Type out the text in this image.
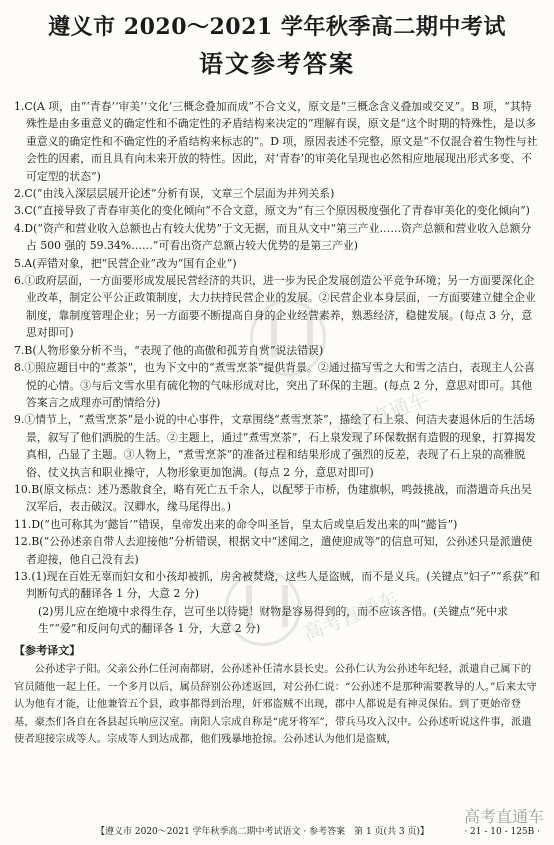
遵义市 2020～2021 学年秋季高二期中考试
语文参考答案
高考直通车
高考直通车

1.C(A 项，由“‘青春’‘审美’‘文化’三概念叠加而成”不合文义，原文是“三概念含义叠加或交叉”。B 项，“其特殊性是由多重意义的确定性和不确定性的矛盾结构来决定的”理解有误，原文是“这个时期的特殊性，是以多重意义的确定性和不确定性的矛盾结构来标志的”。D 项，原因表述不完整，原文是“不仅混合着生物性与社会性的因素，而且具有向未来开放的特性。因此，对‘青春’的审美化呈现也必然相应地展现出形式多变、不可定型的状态”)

2.C(“由浅入深层层展开论述”分析有误，文章三个层面为并列关系)

3.C(“直接导致了青春审美化的变化倾向”不合文意，原文为“有三个原因极度强化了青春审美化的变化倾向”)

4.D(“资产和营业收入总额也占有较大优势”于文无据，而且从文中“第三产业……资产总额和营业收入总额分占 500 强的 59.34%……”可看出资产总额占较大优势的是第三产业)

5.A(弄错对象，把“民营企业”改为“国有企业”)

6.①政府层面，一方面要形成发展民营经济的共识，进一步为民企发展创造公平竞争环境；另一方面要深化企业改革，制定公平公正政策制度，大力扶持民营企业的发展。②民营企业本身层面，一方面要建立健全企业制度，靠制度管理企业；另一方面要不断提高自身的企业经营素养，熟悉经济，稳健发展。(每点 3 分，意思对即可)

7.B(人物形象分析不当，“表现了他的高傲和孤芳自赏”说法错误)

8.①照应题目中的“煮茶”，也为下文中的“煮雪烹茶”提供背景。②通过描写雪之大和雪之洁白，表现主人公喜悦的心情。③与后文雪水里有硫化物的气味形成对比，突出了环保的主题。(每点 2 分，意思对即可。其他答案言之成理亦可酌情给分)

9.①情节上，“煮雪烹茶”是小说的中心事件，文章围绕“煮雪烹茶”，描绘了石上泉、何洁夫妻退休后的生活场景，叙写了他们洒脱的生活。②主题上，通过“煮雪烹茶”，石上泉发现了环保数据有造假的现象，打算揭发真相，凸显了主题。③人物上，“煮雪烹茶”的准备过程和结果形成了强烈的反差，表现了石上泉的高雅脱俗、仗义执言和职业操守，人物形象更加饱满。(每点 2 分，意思对即可)

10.B(原文标点：述乃悉散食全，略有死亡五千余人，以配琴于市桥，伪建旗帜，鸣鼓挑战，而潜遣奇兵出吴汉军后，表击破汉。汉卿水，缘马尾得出。)

11.D(“也可称其为‘懿旨’”错误，皇帝发出来的命令叫圣旨，皇太后或皇后发出来的叫“懿旨”)

12.B(“公孙述亲自带人去迎接他”分析错误，根据文中“述闻之，遣使迎成等”的信息可知，公孙述只是派遣使者迎接，他自己没有去)

13.(1)现在百姓无辜而妇女和小孩却被抓，房舍被焚烧，这些人是盗贼，而不是义兵。(关键点“妇子”“系获”和判断句式的翻译各 1 分，大意 2 分)

(2)男儿应在绝境中求得生存，岂可坐以待毙！财物是容易得到的，而不应该吝惜。(关键点“死中求生”“爱”和反问句式的翻译各 1 分，大意 2 分)

【参考译文】

公孙述字子阳。父亲公孙仁任河南都尉，公孙述补任清水县长史。公孙仁认为公孙述年纪轻，派遣自己属下的官员随他一起上任。一个多月以后，属员辞别公孙述返回，对公孙仁说：“公孙述不是那种需要教导的人。”后来太守认为他有才能，让他兼管五个县，政事都得到治理，奸邪盗贼不出现，郡中人都说是有神灵保佑。到了更始帝登基，豪杰们各自在各县起兵响应汉室。南阳人宗成自称是“虎牙将军”，带兵马攻入汉中。公孙述听说这件事，派遣使者迎接宗成等人。宗成等人到达成都，他们残暴地抢掠。公孙述认为他们是盗贼，

高考直通车
【遵义市 2020～2021 学年秋季高二期中考试语文 · 参考答案　第 1 页(共 3 页)】	· 21 - 10 - 125B ·
